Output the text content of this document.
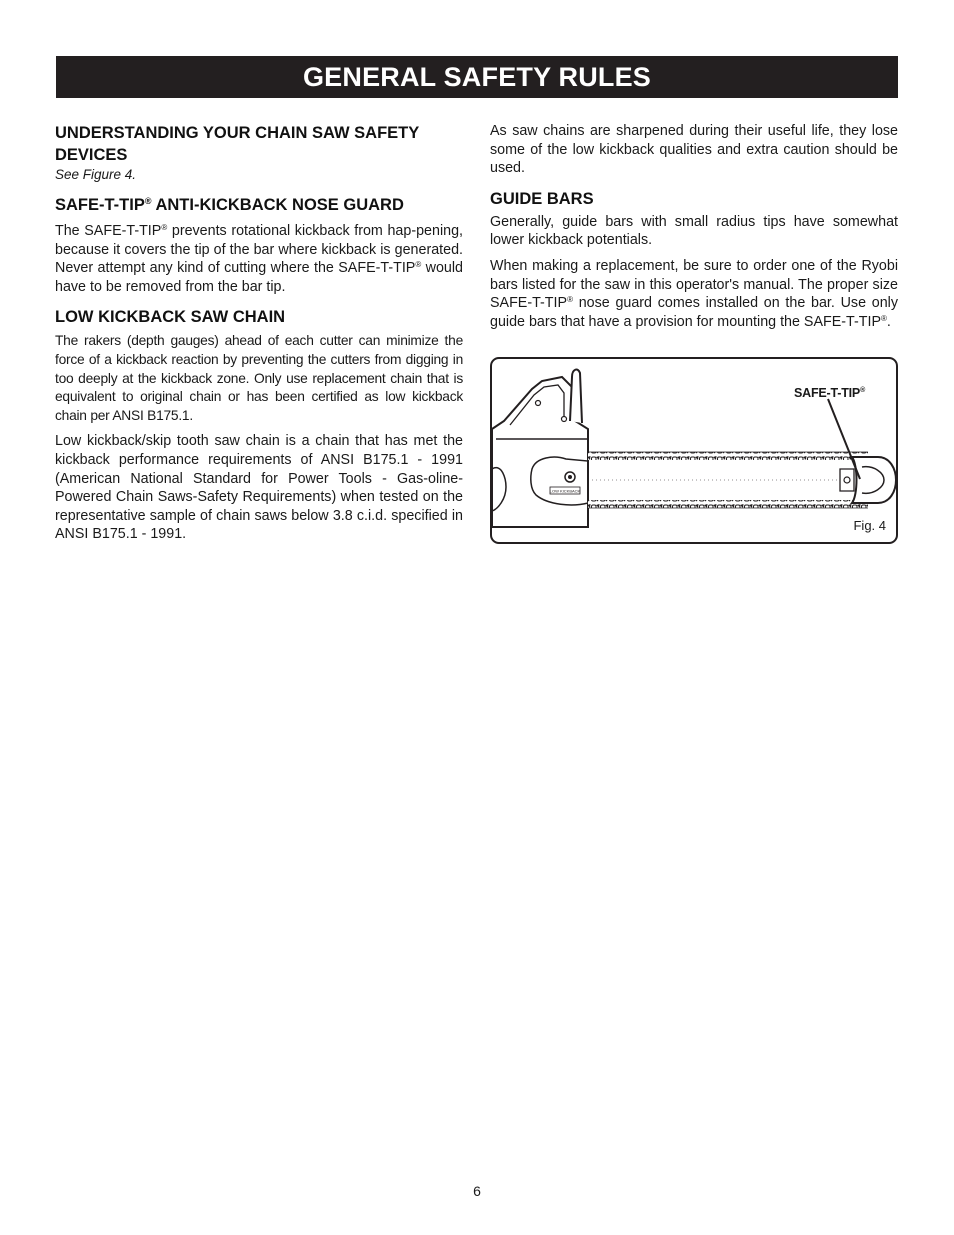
GENERAL SAFETY RULES
UNDERSTANDING YOUR CHAIN SAW SAFETY DEVICES
See Figure 4.
SAFE-T-TIP® ANTI-KICKBACK NOSE GUARD

The SAFE-T-TIP® prevents rotational kickback from hap-pening, because it covers the tip of the bar where kickback is generated. Never attempt any kind of cutting where the SAFE-T-TIP® would have to be removed from the bar tip.

LOW KICKBACK SAW CHAIN

The rakers (depth gauges) ahead of each cutter can minimize the force of a kickback reaction by preventing the cutters from digging in too deeply at the kickback zone. Only use replacement chain that is equivalent to original chain or has been certified as low kickback chain per ANSI B175.1.

Low kickback/skip tooth saw chain is a chain that has met the kickback performance requirements of ANSI B175.1 - 1991 (American National Standard for Power Tools - Gas-oline-Powered Chain Saws-Safety Requirements) when tested on the representative sample of chain saws below 3.8 c.i.d. specified in ANSI B175.1 - 1991.

As saw chains are sharpened during their useful life, they lose some of the low kickback qualities and extra caution should be used.

GUIDE BARS

Generally, guide bars with small radius tips have somewhat lower kickback potentials.

When making a replacement, be sure to order one of the Ryobi bars listed for the saw in this operator's manual. The proper size SAFE-T-TIP® nose guard comes installed on the bar. Use only guide bars that have a provision for mounting the SAFE-T-TIP®.

LOW KICKBACK
SAFE-T-TIP®
Fig. 4
6
